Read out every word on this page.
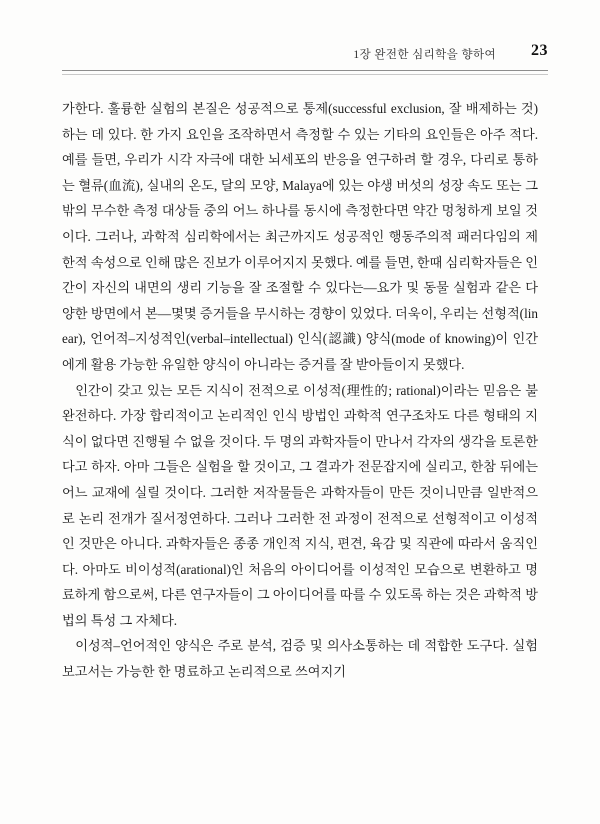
1장 완전한 심리학을 향하여 23

가한다. 훌륭한 실험의 본질은 성공적으로 통제(successful exclusion, 잘 배제하는 것)하는 데 있다. 한 가지 요인을 조작하면서 측정할 수 있는 기타의 요인들은 아주 적다. 예를 들면, 우리가 시각 자극에 대한 뇌세포의 반응을 연구하려 할 경우, 다리로 통하는 혈류(血流), 실내의 온도, 달의 모양, Malaya에 있는 야생 버섯의 성장 속도 또는 그 밖의 무수한 측정 대상들 중의 어느 하나를 동시에 측정한다면 약간 멍청하게 보일 것이다. 그러나, 과학적 심리학에서는 최근까지도 성공적인 행동주의적 패러다임의 제한적 속성으로 인해 많은 진보가 이루어지지 못했다. 예를 들면, 한때 심리학자들은 인간이 자신의 내면의 생리 기능을 잘 조절할 수 있다는—요가 및 동물 실험과 같은 다양한 방면에서 본—몇몇 증거들을 무시하는 경향이 있었다. 더욱이, 우리는 선형적(linear), 언어적–지성적인(verbal–intellectual) 인식(認識) 양식(mode of knowing)이 인간에게 활용 가능한 유일한 양식이 아니라는 증거를 잘 받아들이지 못했다.

인간이 갖고 있는 모든 지식이 전적으로 이성적(理性的; rational)이라는 믿음은 불완전하다. 가장 합리적이고 논리적인 인식 방법인 과학적 연구조차도 다른 형태의 지식이 없다면 진행될 수 없을 것이다. 두 명의 과학자들이 만나서 각자의 생각을 토론한다고 하자. 아마 그들은 실험을 할 것이고, 그 결과가 전문잡지에 실리고, 한참 뒤에는 어느 교재에 실릴 것이다. 그러한 저작물들은 과학자들이 만든 것이니만큼 일반적으로 논리 전개가 질서정연하다. 그러나 그러한 전 과정이 전적으로 선형적이고 이성적인 것만은 아니다. 과학자들은 종종 개인적 지식, 편견, 육감 및 직관에 따라서 움직인다. 아마도 비이성적(arational)인 처음의 아이디어를 이성적인 모습으로 변환하고 명료하게 함으로써, 다른 연구자들이 그 아이디어를 따를 수 있도록 하는 것은 과학적 방법의 특성 그 자체다.

이성적–언어적인 양식은 주로 분석, 검증 및 의사소통하는 데 적합한 도구다. 실험 보고서는 가능한 한 명료하고 논리적으로 쓰여지기
